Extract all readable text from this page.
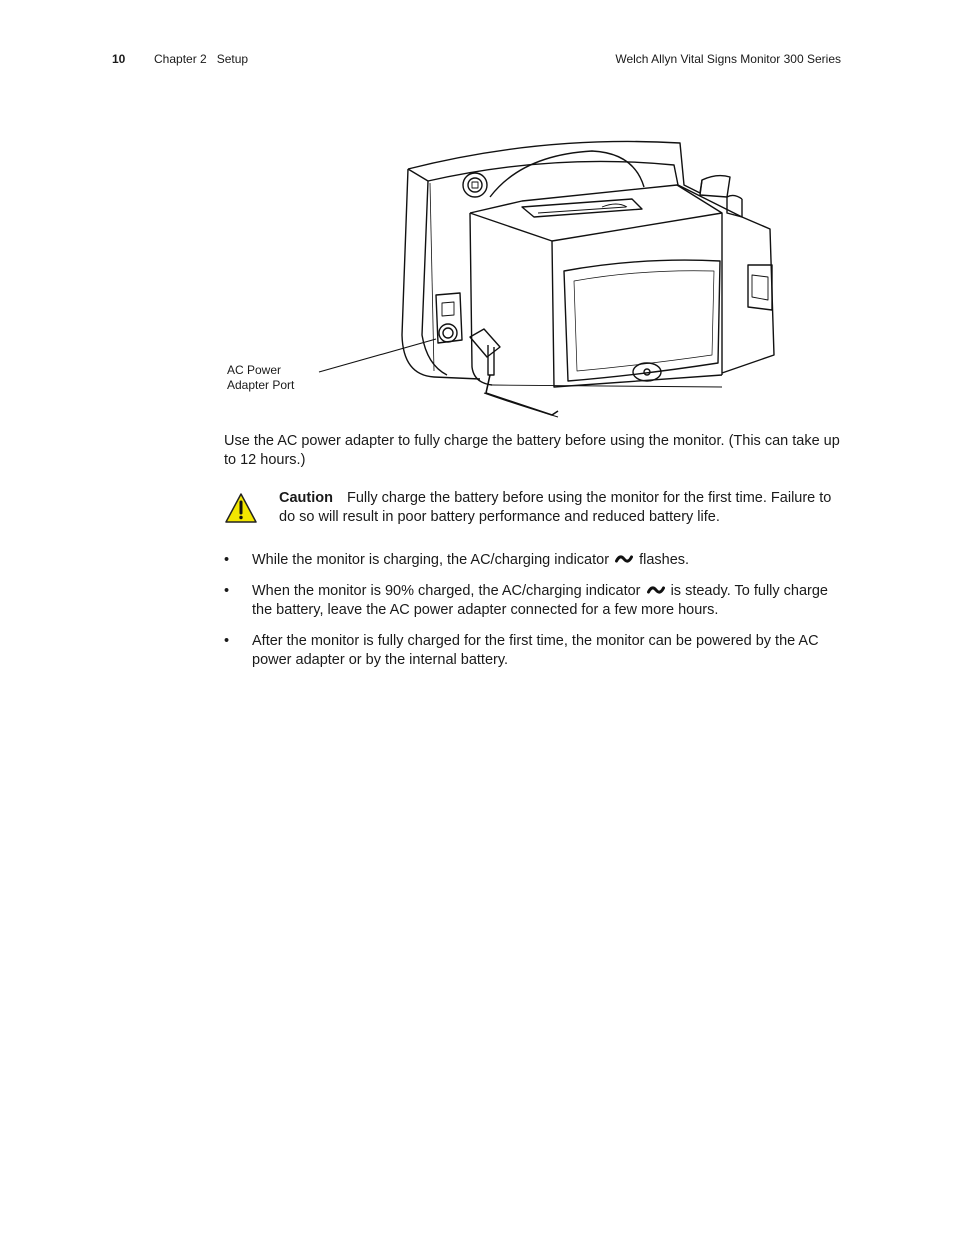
10 Chapter 2 Setup	Welch Allyn Vital Signs Monitor 300 Series
AC Power
Adapter Port
Use the AC power adapter to fully charge the battery before using the monitor. (This can take up to 12 hours.)
Caution Fully charge the battery before using the monitor for the first time. Failure to do so will result in poor battery performance and reduced battery life.
• While the monitor is charging, the AC/charging indicator flashes.
• When the monitor is 90% charged, the AC/charging indicator is steady. To fully charge the battery, leave the AC power adapter connected for a few more hours.
• After the monitor is fully charged for the first time, the monitor can be powered by the AC power adapter or by the internal battery.
